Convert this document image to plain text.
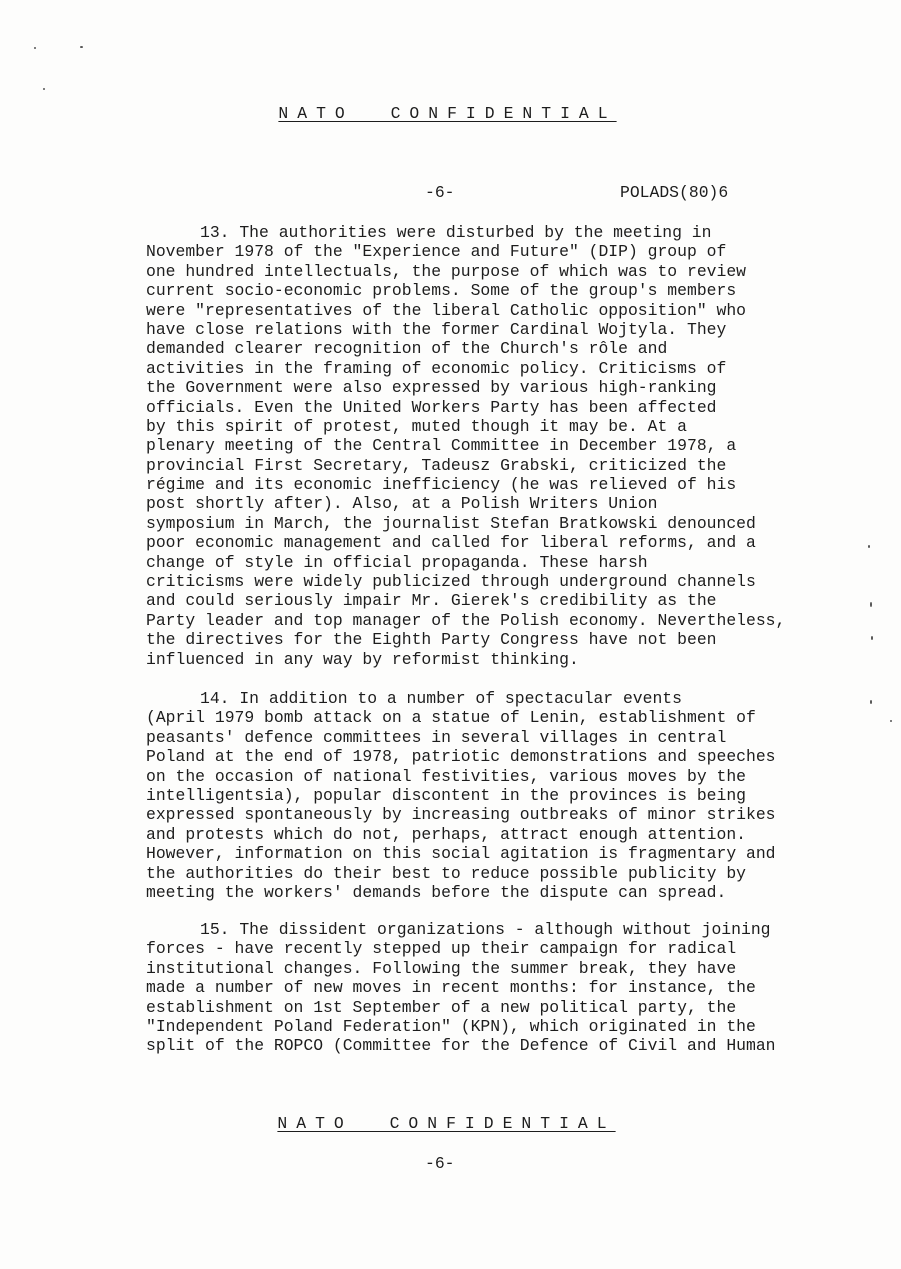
NATO CONFIDENTIAL
-6-	POLADS(80)6
13. The authorities were disturbed by the meeting in
November 1978 of the "Experience and Future" (DIP) group of
one hundred intellectuals, the purpose of which was to review
current socio-economic problems. Some of the group's members
were "representatives of the liberal Catholic opposition" who
have close relations with the former Cardinal Wojtyla. They
demanded clearer recognition of the Church's rôle and
activities in the framing of economic policy. Criticisms of
the Government were also expressed by various high-ranking
officials. Even the United Workers Party has been affected
by this spirit of protest, muted though it may be. At a
plenary meeting of the Central Committee in December 1978, a
provincial First Secretary, Tadeusz Grabski, criticized the
régime and its economic inefficiency (he was relieved of his
post shortly after). Also, at a Polish Writers Union
symposium in March, the journalist Stefan Bratkowski denounced
poor economic management and called for liberal reforms, and a
change of style in official propaganda. These harsh
criticisms were widely publicized through underground channels
and could seriously impair Mr. Gierek's credibility as the
Party leader and top manager of the Polish economy. Nevertheless,
the directives for the Eighth Party Congress have not been
influenced in any way by reformist thinking.
14. In addition to a number of spectacular events
(April 1979 bomb attack on a statue of Lenin, establishment of
peasants' defence committees in several villages in central
Poland at the end of 1978, patriotic demonstrations and speeches
on the occasion of national festivities, various moves by the
intelligentsia), popular discontent in the provinces is being
expressed spontaneously by increasing outbreaks of minor strikes
and protests which do not, perhaps, attract enough attention.
However, information on this social agitation is fragmentary and
the authorities do their best to reduce possible publicity by
meeting the workers' demands before the dispute can spread.
15. The dissident organizations - although without joining
forces - have recently stepped up their campaign for radical
institutional changes. Following the summer break, they have
made a number of new moves in recent months: for instance, the
establishment on 1st September of a new political party, the
"Independent Poland Federation" (KPN), which originated in the
split of the ROPCO (Committee for the Defence of Civil and Human
NATO CONFIDENTIAL
-6-
